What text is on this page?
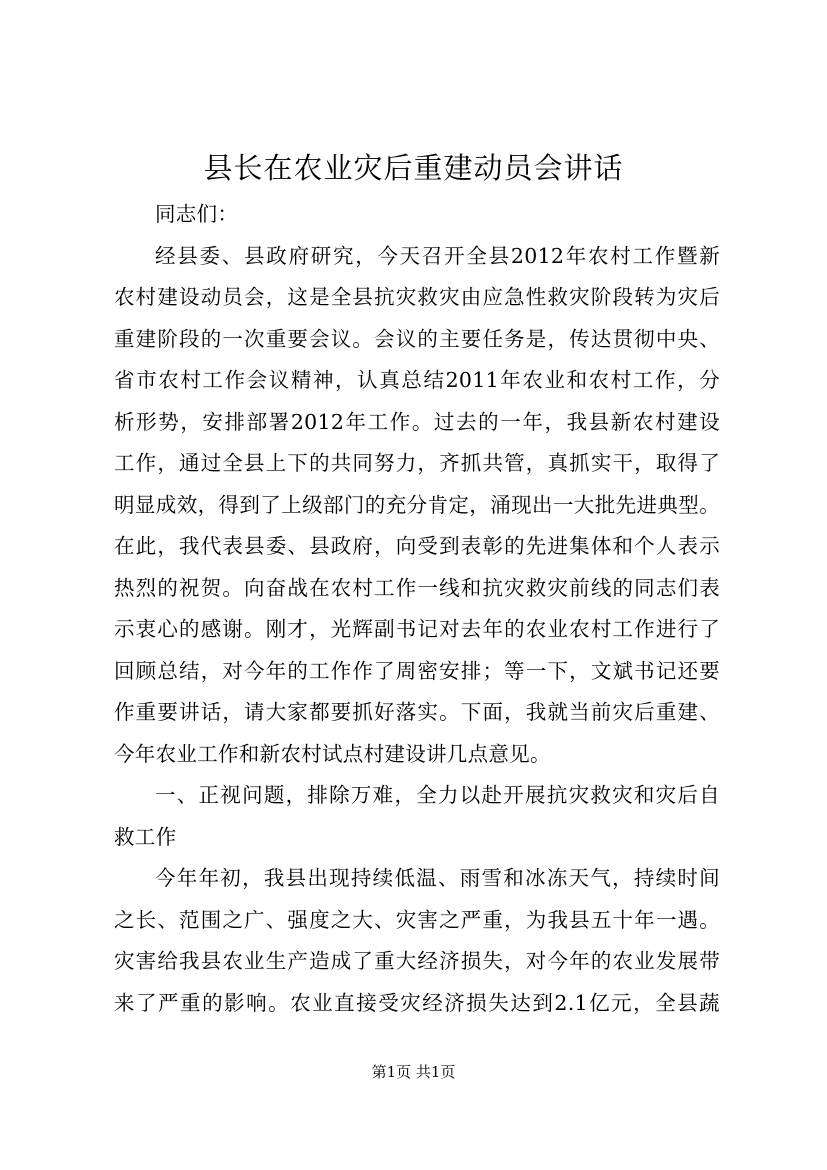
县长在农业灾后重建动员会讲话
同志们：
经县委、县政府研究，今天召开全县2012年农村工作暨新
农村建设动员会，这是全县抗灾救灾由应急性救灾阶段转为灾后
重建阶段的一次重要会议。会议的主要任务是，传达贯彻中央、
省市农村工作会议精神，认真总结2011年农业和农村工作，分
析形势，安排部署2012年工作。过去的一年，我县新农村建设
工作，通过全县上下的共同努力，齐抓共管，真抓实干，取得了
明显成效，得到了上级部门的充分肯定，涌现出一大批先进典型。
在此，我代表县委、县政府，向受到表彰的先进集体和个人表示
热烈的祝贺。向奋战在农村工作一线和抗灾救灾前线的同志们表
示衷心的感谢。刚才，光辉副书记对去年的农业农村工作进行了
回顾总结，对今年的工作作了周密安排；等一下，文斌书记还要
作重要讲话，请大家都要抓好落实。下面，我就当前灾后重建、
今年农业工作和新农村试点村建设讲几点意见。
一、正视问题，排除万难，全力以赴开展抗灾救灾和灾后自
救工作
今年年初，我县出现持续低温、雨雪和冰冻天气，持续时间
之长、范围之广、强度之大、灾害之严重，为我县五十年一遇。
灾害给我县农业生产造成了重大经济损失，对今年的农业发展带
来了严重的影响。农业直接受灾经济损失达到2.1亿元，全县蔬
第1页 共1页
